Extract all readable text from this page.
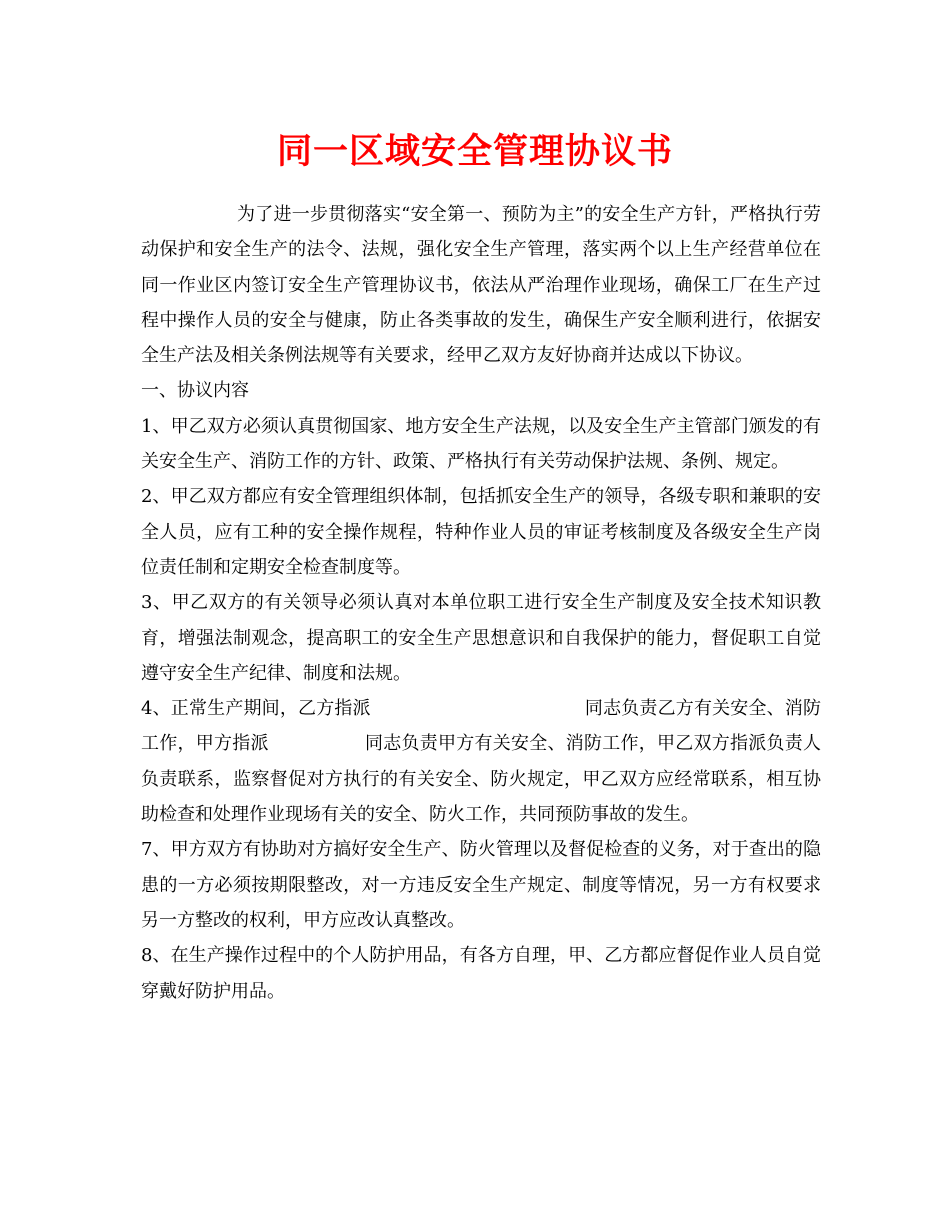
同一区域安全管理协议书

为了进一步贯彻落实“安全第一、预防为主”的安全生产方针，严格执行劳动保护和安全生产的法令、法规，强化安全生产管理，落实两个以上生产经营单位在同一作业区内签订安全生产管理协议书，依法从严治理作业现场，确保工厂在生产过程中操作人员的安全与健康，防止各类事故的发生，确保生产安全顺利进行，依据安全生产法及相关条例法规等有关要求，经甲乙双方友好协商并达成以下协议。

一、协议内容

1、甲乙双方必须认真贯彻国家、地方安全生产法规，以及安全生产主管部门颁发的有关安全生产、消防工作的方针、政策、严格执行有关劳动保护法规、条例、规定。

2、甲乙双方都应有安全管理组织体制，包括抓安全生产的领导，各级专职和兼职的安全人员，应有工种的安全操作规程，特种作业人员的审证考核制度及各级安全生产岗位责任制和定期安全检查制度等。

3、甲乙双方的有关领导必须认真对本单位职工进行安全生产制度及安全技术知识教育，增强法制观念，提高职工的安全生产思想意识和自我保护的能力，督促职工自觉遵守安全生产纪律、制度和法规。

4、正常生产期间，乙方指派	同志负责乙方有关安全、消防工作，甲方指派	同志负责甲方有关安全、消防工作，甲乙双方指派负责人负责联系，监察督促对方执行的有关安全、防火规定，甲乙双方应经常联系，相互协助检查和处理作业现场有关的安全、防火工作，共同预防事故的发生。

7、甲方双方有协助对方搞好安全生产、防火管理以及督促检查的义务，对于查出的隐患的一方必须按期限整改，对一方违反安全生产规定、制度等情况，另一方有权要求另一方整改的权利，甲方应改认真整改。

8、在生产操作过程中的个人防护用品，有各方自理，甲、乙方都应督促作业人员自觉穿戴好防护用品。
